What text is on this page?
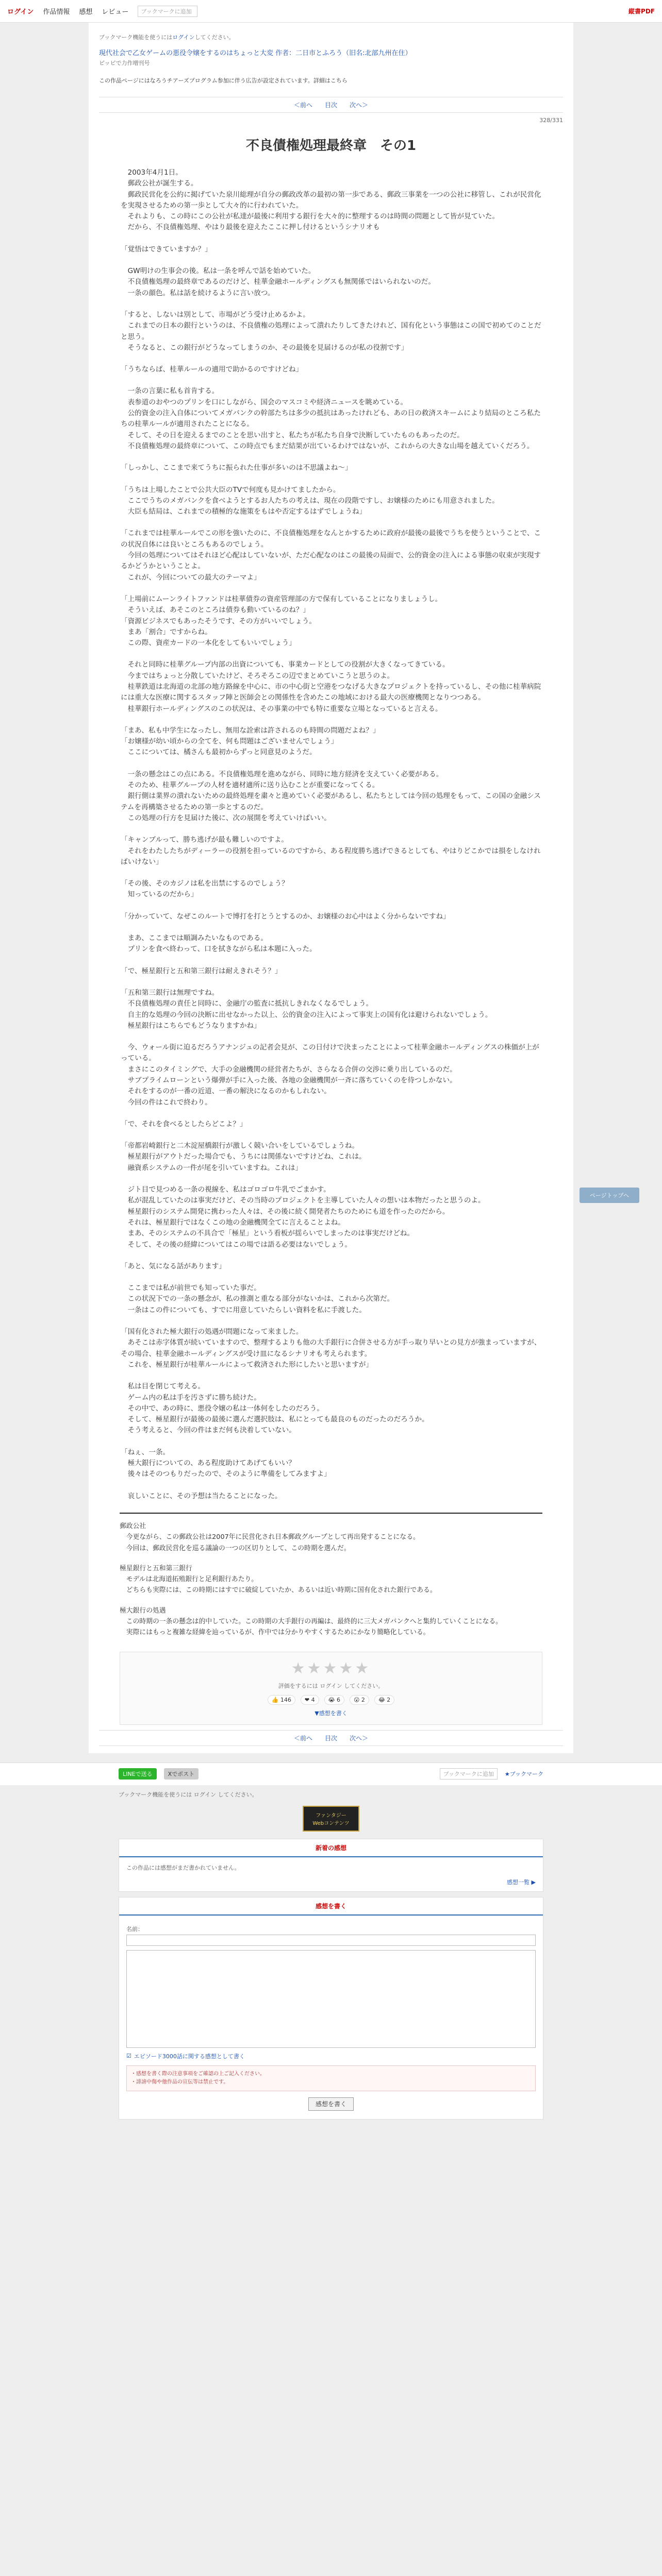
ログイン 作品情報 感想 レビュー	ブックマークに追加	縦書PDF
ブックマーク機能を使うにはログインしてください。
現代社会で乙女ゲームの悪役令嬢をするのはちょっと大変 作者：二日市とふろう（旧名:北部九州在住）
ピッピで力作増刊号
この作品ページにはなろうチアーズプログラム参加に伴う広告が設定されています。詳細はこちら
＜前へ 目次 次へ＞
328/331
不良債権処理最終章　その1

　2003年4月1日。
　郵政公社が誕生する。
　郵政民営化を公約に掲げていた泉川総理が自分の郵政改革の最初の第一歩である、郵政三事業を一つの公社に移管し、これが民営化を実現させるための第一歩として大々的に行われていた。
　それよりも、この時にこの公社が私達が最後に利用する銀行を大々的に整理するのは時間の問題として皆が見ていた。
　だから、不良債権処理、やはり最後を迎えたここに押し付けるというシナリオも

「覚悟はできていますか？」

　GW明けの生事会の後。私は一条を呼んで話を始めていた。
　不良債権処理の最終章であるのだけど、桂華金融ホールディングスも無関係ではいられないのだ。
　一条の顔色。私は話を続けるように言い放つ。

「すると、しないは別として、市場がどう受け止めるかよ。
　これまでの日本の銀行というのは、不良債権の処理によって潰れたりしてきたけれど、国有化という事態はこの国で初めてのことだと思う。
　そうなると、この銀行がどうなってしまうのか、その最後を見届けるのが私の役割です」

「うちならば、桂華ルールの適用で助かるのですけどね」

　一条の言葉に私も首肯する。
　表参道のおやつのプリンを口にしながら、国会のマスコミや経済ニュースを眺めている。
　公的資金の注入自体についてメガバンクの幹部たちは多少の抵抗はあったけれども、あの日の救済スキームにより結局のところ私たちの桂華ルールが適用されたことになる。
　そして、その日を迎えるまでのことを思い出すと、私たちが私たち自身で決断していたものもあったのだ。
　不良債権処理の最終章について、この時点でもまだ結果が出ているわけではないが、これからの大きな山場を越えていくだろう。

「しっかし、ここまで来てうちに振られた仕事が多いのは不思議よね～」

「うちは上場したことで公共大臣のTVで何度も見かけてましたから。
　ここでうちのメガバンクを食べようとするお人たちの考えは、現在の段階ですし、お嬢様のためにも用意されました。
　大臣も結局は、これまでの積極的な施策をもはや否定するはずでしょうね」

「これまでは桂華ルールでこの形を強いたのに、不良債権処理をなんとかするために政府が最後の最後でうちを使うということで、この状況自体には良いところもあるのでしょう。
　今回の処理についてはそれほど心配はしていないが、ただ心配なのはこの最後の局面で、公的資金の注入による事態の収束が実現するかどうかということよ。
　これが、今回についての最大のテーマよ」

「上場前にムーンライトファンドは桂華債券の資産管理部の方で保有していることになりましょうし。
　そういえば、あそこのところは債券も動いているのね？」
「資源ビジネスでもあったそうです、その方がいいでしょう。
　まあ「割合」ですからね。
　この際、資産カードの一本化をしてもいいでしょう」

　それと同時に桂華グループ内部の出資についても、事業カードとしての役割が大きくなってきている。
　今まではちょっと分散していたけど、そろそろこの辺でまとめていこうと思うのよ。
　桂華鉄道は北海道の北部の地方路線を中心に、市の中心街と空港をつなげる大きなプロジェクトを持っているし、その他に桂華病院には重大な医療に関するスタッフ陣と医師会との関係性を含めたこの地域における最大の医療機関となりつつある。
　桂華銀行ホールディングスのこの状況は、その事業の中でも特に重要な立場となっていると言える。

「まあ、私も中学生になったし、無用な詮索は許されるのも時間の問題だよね？」
「お嬢様が幼い頃からの全てを、何も問題はございませんでしょう」
　ここについては、橘さんも最初からずっと同意見のようだ。

　一条の懸念はこの点にある。不良債権処理を進めながら、同時に地方経済を支えていく必要がある。
　そのため、桂華グループの人材を適材適所に送り込むことが重要になってくる。
　銀行側は業界の潰れないための最終処理を粛々と進めていく必要があるし、私たちとしては今回の処理をもって、この国の金融システムを再構築させるための第一歩とするのだ。
　この処理の行方を見届けた後に、次の展開を考えていけばいい。

「キャンブルって、勝ち逃げが最も難しいのですよ。
　それをわたしたちがディーラーの役割を担っているのですから、ある程度勝ち逃げできるとしても、やはりどこかでは損をしなければいけない」

「その後、そのカジノは私を出禁にするのでしょう？
　知っているのだから」

「分かっていて、なぜこのルートで博打を打とうとするのか、お嬢様のお心中はよく分からないですね」

　まあ、ここまでは順調みたいなものである。
　プリンを食べ終わって、口を拭きながら私は本題に入った。

「で、極星銀行と五和第三銀行は耐えきれそう？」

「五和第三銀行は無理ですね。
　不良債権処理の責任と同時に、金融庁の監査に抵抗しきれなくなるでしょう。
　自主的な処理の今回の決断に出せなかった以上、公的資金の注入によって事実上の国有化は避けられないでしょう。
　極星銀行はこちらでもどうなりますかね」

　今、ウォール街に迫るだろうアナンジュの記者会見が、この日付けで決まったことによって桂華金融ホールディングスの株価が上がっている。
　まさにこのタイミングで、大手の金融機関の経営者たちが、さらなる合併の交渉に乗り出しているのだ。
　サブプライムローンという爆弾が手に入った後、各地の金融機関が一斉に落ちていくのを待つしかない。
　それをするのが一番の近道、一番の解決になるのかもしれない。
　今回の件はこれで終わり。

「で、それを食べるとしたらどこよ？」

「帝都岩崎銀行と二木淀屋橋銀行が激しく競い合いをしているでしょうね。
　極星銀行がアウトだった場合でも、うちには関係ないですけどね、これは。
　融資系システムの一件が尾を引いていますね。これは」

　ジト目で見つめる一条の視線を、私はゴロゴロ牛乳でごまかす。
　私が混乱していたのは事実だけど、その当時のプロジェクトを主導していた人々の想いは本物だったと思うのよ。
　極星銀行のシステム開発に携わった人々は、その後に続く開発者たちのためにも道を作ったのだから。
　それは、極星銀行ではなくこの地の金融機関全てに言えることよね。
　まあ、そのシステムの不具合で「極星」という看板が揺らいでしまったのは事実だけどね。
　そして、その後の経緯についてはこの場では語る必要はないでしょう。

「あと、気になる話があります」

　ここまでは私が前世でも知っていた事だ。
　この状況下での一条の懸念が、私の推測と重なる部分がないかは、これから次第だ。
　一条はこの件についても、すでに用意していたらしい資料を私に手渡した。

「国有化された極大銀行の処遇が問題になって来ました。
　あそこは赤字体質が続いていますので、整理するよりも他の大手銀行に合併させる方が手っ取り早いとの見方が強まっていますが、その場合、桂華金融ホールディングスが受け皿になるシナリオも考えられます。
　これを、極星銀行が桂華ルールによって救済された形にしたいと思いますが」

　私は目を閉じて考える。
　ゲーム内の私は手を汚さずに勝ち続けた。
　その中で、あの時に、悪役令嬢の私は一体何をしたのだろう。
　そして、極星銀行が最後の最後に選んだ選択肢は、私にとっても最良のものだったのだろうか。
　そう考えると、今回の件はまだ何も決着していない。

「ねぇ、一条。
　極大銀行についての、ある程度助けてあげてもいい？
　後々はそのつもりだったので、そのように準備をしてみますよ」

　哀しいことに、その予想は当たることになった。

郵政公社
　今更ながら、この郵政公社は2007年に民営化され日本郵政グループとして再出発することになる。
　今回は、郵政民営化を巡る議論の一つの区切りとして、この時期を選んだ。

極星銀行と五和第三銀行
　モデルは北海道拓殖銀行と足利銀行あたり。
　どちらも実際には、この時期にはすでに破綻していたか、あるいは近い時期に国有化された銀行である。

極大銀行の処遇
　この時期の一条の懸念は的中していた。この時期の大手銀行の再編は、最終的に三大メガバンクへと集約していくことになる。
　実際にはもっと複雑な経緯を辿っているが、作中では分かりやすくするためにかなり簡略化している。

★★★★★
評価をするには ログイン してください。
👍 146	❤ 4	😭 6	😮 2	😂 2
▼感想を書く
＜前へ 目次 次へ＞
LINEで送る	Xでポスト	ブックマークに追加	★ブックマーク
ブックマーク機能を使うには ログイン してください。
ファンタジー
Webコンテンツ
新着の感想
この作品には感想がまだ書かれていません。
感想一覧 ▶
感想を書く
名前：
☑ エピソード3000話に関する感想として書く
・感想を書く際の注意事項をご確認の上ご記入ください。
・誹謗中傷や他作品の宣伝等は禁止です。
感想を書く
ページトップへ
